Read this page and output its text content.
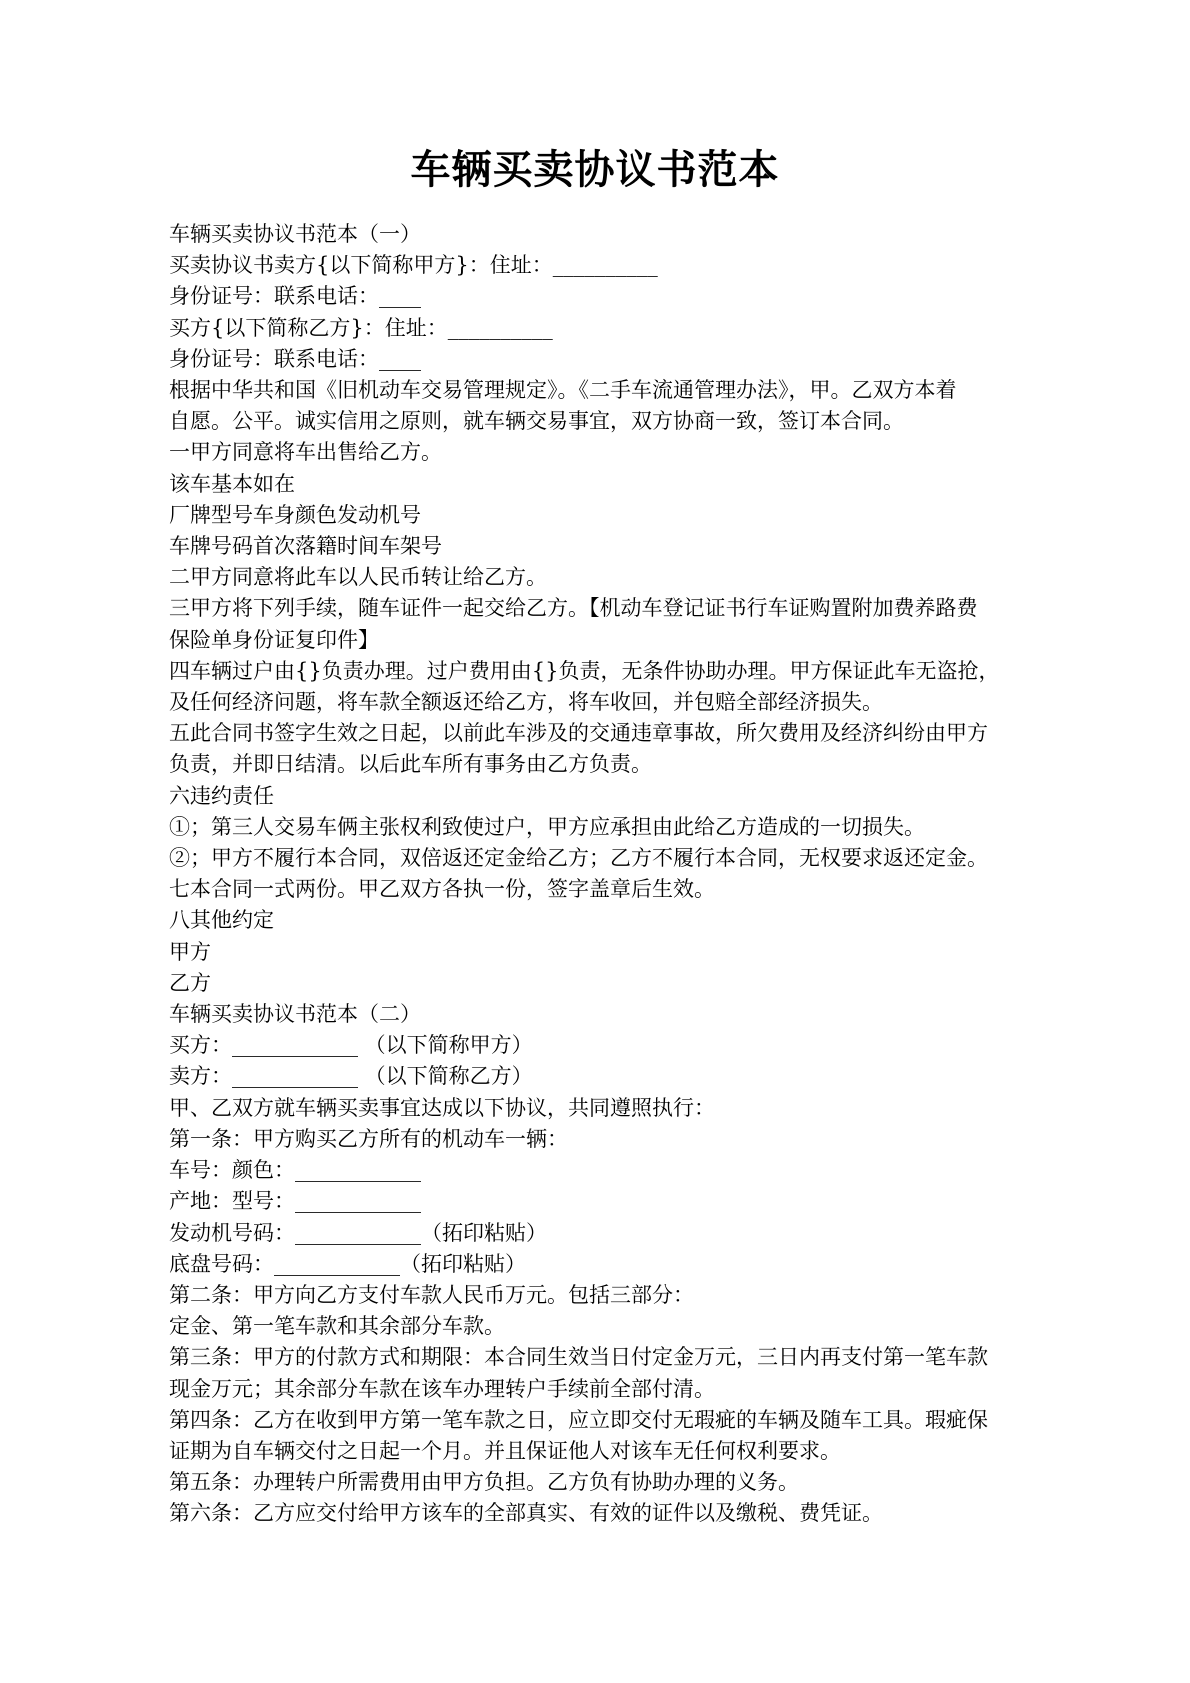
车辆买卖协议书范本
车辆买卖协议书范本（一）
买卖协议书卖方{以下简称甲方}：住址：__________
身份证号：联系电话：____
买方{以下简称乙方}：住址：__________
身份证号：联系电话：____
根据中华共和国《旧机动车交易管理规定》。《二手车流通管理办法》，甲。乙双方本着
自愿。公平。诚实信用之原则，就车辆交易事宜，双方协商一致，签订本合同。
一甲方同意将车出售给乙方。
该车基本如在
厂牌型号车身颜色发动机号
车牌号码首次落籍时间车架号
二甲方同意将此车以人民币转让给乙方。
三甲方将下列手续，随车证件一起交给乙方。【机动车登记证书行车证购置附加费养路费
保险单身份证复印件】
四车辆过户由{}负责办理。过户费用由{}负责，无条件协助办理。甲方保证此车无盗抢，
及任何经济问题，将车款全额返还给乙方，将车收回，并包赔全部经济损失。
五此合同书签字生效之日起，以前此车涉及的交通违章事故，所欠费用及经济纠纷由甲方
负责，并即日结清。以后此车所有事务由乙方负责。
六违约责任
①；第三人交易车俩主张权利致使过户，甲方应承担由此给乙方造成的一切损失。
②；甲方不履行本合同，双倍返还定金给乙方；乙方不履行本合同，无权要求返还定金。
七本合同一式两份。甲乙双方各执一份，签字盖章后生效。
八其他约定
甲方
乙方
车辆买卖协议书范本（二）
买方：____________ （以下简称甲方）
卖方：____________ （以下简称乙方）
甲、乙双方就车辆买卖事宜达成以下协议，共同遵照执行：
第一条：甲方购买乙方所有的机动车一辆：
车号：颜色：____________
产地：型号：____________
发动机号码：____________（拓印粘贴）
底盘号码：____________（拓印粘贴）
第二条：甲方向乙方支付车款人民币万元。包括三部分：
定金、第一笔车款和其余部分车款。
第三条：甲方的付款方式和期限：本合同生效当日付定金万元，三日内再支付第一笔车款
现金万元；其余部分车款在该车办理转户手续前全部付清。
第四条：乙方在收到甲方第一笔车款之日，应立即交付无瑕疵的车辆及随车工具。瑕疵保
证期为自车辆交付之日起一个月。并且保证他人对该车无任何权利要求。
第五条：办理转户所需费用由甲方负担。乙方负有协助办理的义务。
第六条：乙方应交付给甲方该车的全部真实、有效的证件以及缴税、费凭证。
